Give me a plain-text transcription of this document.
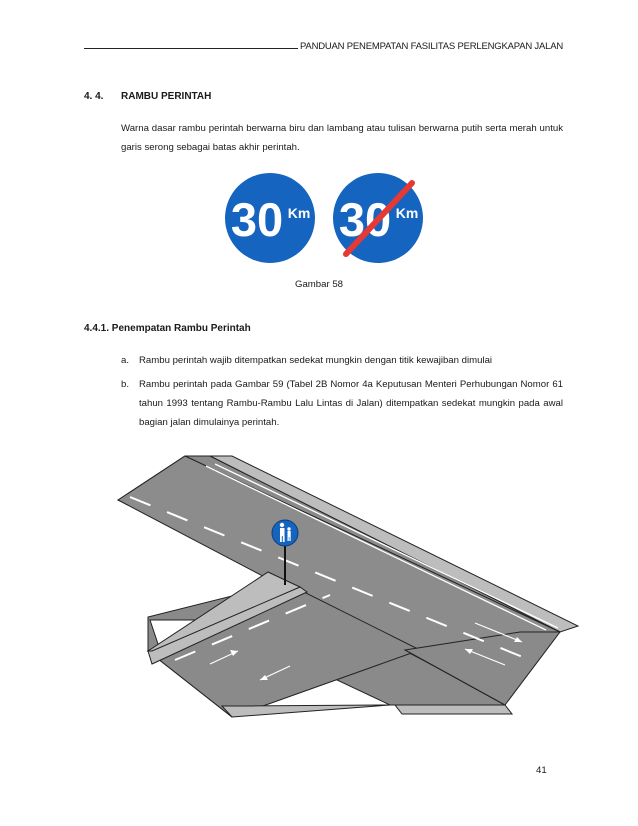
PANDUAN PENEMPATAN FASILITAS PERLENGKAPAN JALAN
4. 4. RAMBU PERINTAH
Warna dasar rambu perintah berwarna biru dan lambang atau tulisan berwarna putih serta merah untuk garis serong sebagai batas akhir perintah.
30 Km 30 Km
Gambar 58
4.4.1. Penempatan Rambu Perintah
a. Rambu perintah wajib ditempatkan sedekat mungkin dengan titik kewajiban dimulai
b. Rambu perintah pada Gambar 59 (Tabel 2B Nomor 4a Keputusan Menteri Perhubungan Nomor 61 tahun 1993 tentang Rambu-Rambu Lalu Lintas di Jalan) ditempatkan sedekat mungkin pada awal bagian jalan dimulainya perintah.
41
